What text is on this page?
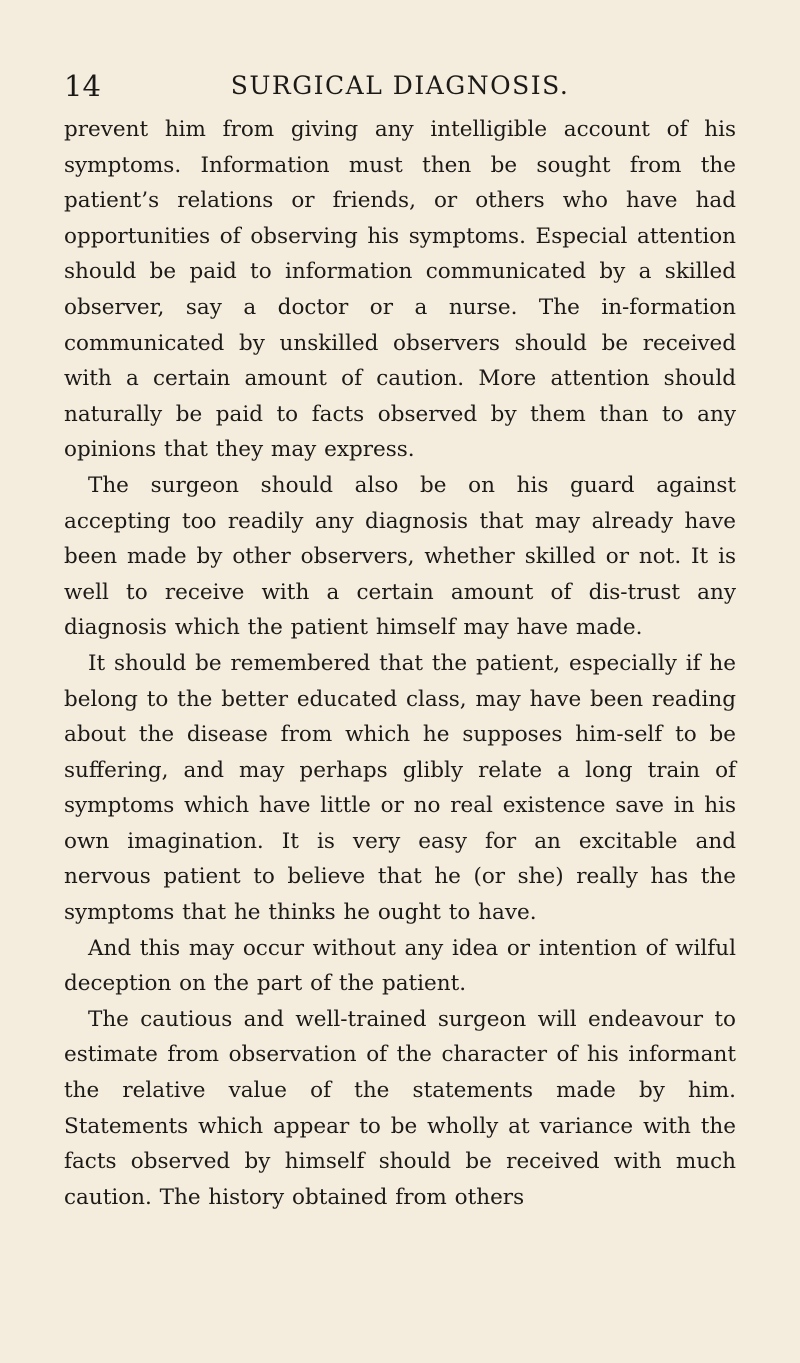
14	SURGICAL DIAGNOSIS.

prevent him from giving any intelligible account of his symptoms. Information must then be sought from the patient’s relations or friends, or others who have had opportunities of observing his symptoms. Especial attention should be paid to information communicated by a skilled observer, say a doctor or a nurse. The in-formation communicated by unskilled observers should be received with a certain amount of caution. More attention should naturally be paid to facts observed by them than to any opinions that they may express.

The surgeon should also be on his guard against accepting too readily any diagnosis that may already have been made by other observers, whether skilled or not. It is well to receive with a certain amount of dis-trust any diagnosis which the patient himself may have made.

It should be remembered that the patient, especially if he belong to the better educated class, may have been reading about the disease from which he supposes him-self to be suffering, and may perhaps glibly relate a long train of symptoms which have little or no real existence save in his own imagination. It is very easy for an excitable and nervous patient to believe that he (or she) really has the symptoms that he thinks he ought to have.

And this may occur without any idea or intention of wilful deception on the part of the patient.

The cautious and well-trained surgeon will endeavour to estimate from observation of the character of his informant the relative value of the statements made by him. Statements which appear to be wholly at variance with the facts observed by himself should be received with much caution. The history obtained from others
